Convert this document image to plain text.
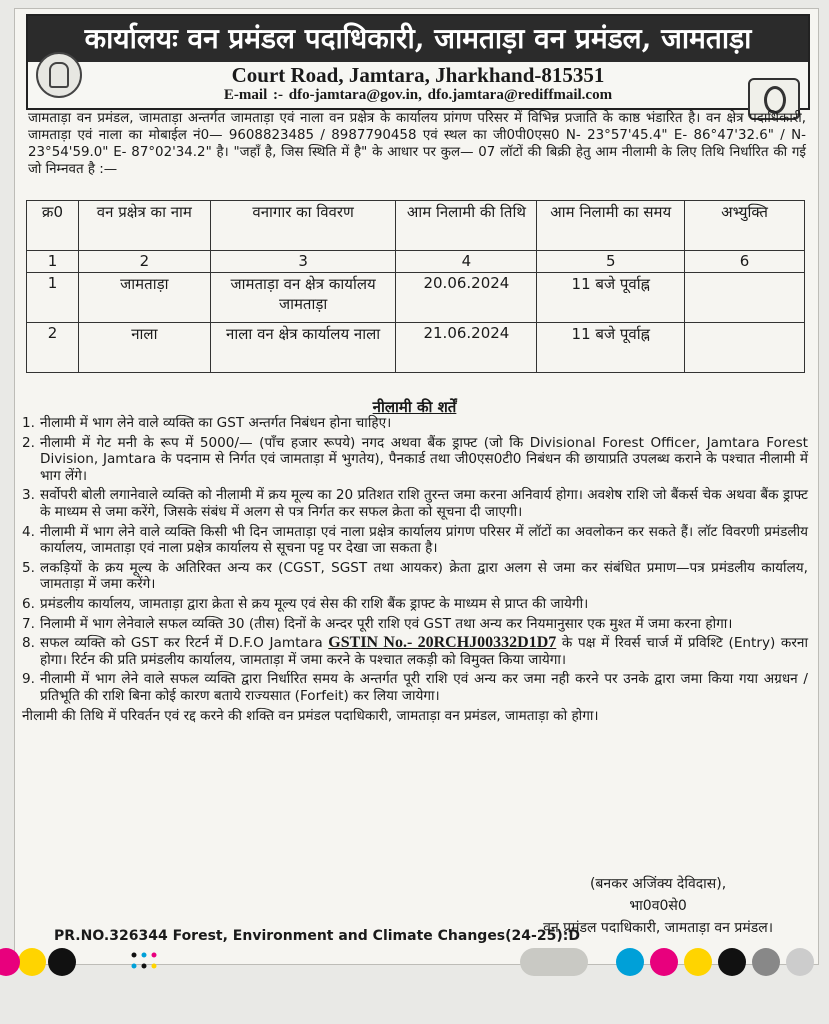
कार्यालयः वन प्रमंडल पदाधिकारी, जामताड़ा वन प्रमंडल, जामताड़ा
Court Road, Jamtara, Jharkhand-815351
E-mail :- dfo-jamtara@gov.in, dfo.jamtara@rediffmail.com
जामताड़ा वन प्रमंडल, जामताड़ा अन्तर्गत जामताड़ा एवं नाला वन प्रक्षेत्र के कार्यालय प्रांगण परिसर में विभिन्न प्रजाति के काष्ठ भंडारित है। वन क्षेत्र पदाधिकारी, जामताड़ा एवं नाला का मोबाईल नं0— 9608823485 / 8987790458 एवं स्थल का जी0पी0एस0 N- 23°57'45.4" E- 86°47'32.6" / N- 23°54'59.0" E- 87°02'34.2" है। "जहाँ है, जिस स्थिति में है" के आधार पर कुल— 07 लॉटों की बिक्री हेतु आम नीलामी के लिए तिथि निर्धारित की गई जो निम्नवत है :—
क्र0	वन प्रक्षेत्र का नाम	वनागार का विवरण	आम निलामी की तिथि	आम निलामी का समय	अभ्युक्ति
1	2	3	4	5	6
1	जामताड़ा	जामताड़ा वन क्षेत्र कार्यालय जामताड़ा	20.06.2024	11 बजे पूर्वाह्न	
2	नाला	नाला वन क्षेत्र कार्यालय नाला	21.06.2024	11 बजे पूर्वाह्न	
नीलामी की शर्तें
1. नीलामी में भाग लेने वाले व्यक्ति का GST अन्तर्गत निबंधन होना चाहिए।
2. नीलामी में गेट मनी के रूप में 5000/— (पाँच हजार रूपये) नगद अथवा बैंक ड्राफ्ट (जो कि Divisional Forest Officer, Jamtara Forest Division, Jamtara के पदनाम से निर्गत एवं जामताड़ा में भुगतेय), पैनकार्ड तथा जी0एस0टी0 निबंधन की छायाप्रति उपलब्ध कराने के पश्चात नीलामी में भाग लेंगे।
3. सर्वोपरी बोली लगानेवाले व्यक्ति को नीलामी में क्रय मूल्य का 20 प्रतिशत राशि तुरन्त जमा करना अनिवार्य होगा। अवशेष राशि जो बैंकर्स चेक अथवा बैंक ड्राफ्ट के माध्यम से जमा करेंगे, जिसके संबंध में अलग से पत्र निर्गत कर सफल क्रेता को सूचना दी जाएगी।
4. नीलामी में भाग लेने वाले व्यक्ति किसी भी दिन जामताड़ा एवं नाला प्रक्षेत्र कार्यालय प्रांगण परिसर में लॉटों का अवलोकन कर सकते हैं। लॉट विवरणी प्रमंडलीय कार्यालय, जामताड़ा एवं नाला प्रक्षेत्र कार्यालय से सूचना पट्ट पर देखा जा सकता है।
5. लकड़ियों के क्रय मूल्य के अतिरिक्त अन्य कर (CGST, SGST तथा आयकर) क्रेता द्वारा अलग से जमा कर संबंधित प्रमाण—पत्र प्रमंडलीय कार्यालय, जामताड़ा में जमा करेंगे।
6. प्रमंडलीय कार्यालय, जामताड़ा द्वारा क्रेता से क्रय मूल्य एवं सेस की राशि बैंक ड्राफ्ट के माध्यम से प्राप्त की जायेगी।
7. निलामी में भाग लेनेवाले सफल व्यक्ति 30 (तीस) दिनों के अन्दर पूरी राशि एवं GST तथा अन्य कर नियमानुसार एक मुश्त में जमा करना होगा।
8. सफल व्यक्ति को GST कर रिटर्न में D.F.O Jamtara GSTIN No.- 20RCHJ00332D1D7 के पक्ष में रिवर्स चार्ज में प्रविश्टि (Entry) करना होगा। रिर्टन की प्रति प्रमंडलीय कार्यालय, जामताड़ा में जमा करने के पश्चात लकड़ी को विमुक्त किया जायेगा।
9. नीलामी में भाग लेने वाले सफल व्यक्ति द्वारा निर्धारित समय के अन्तर्गत पूरी राशि एवं अन्य कर जमा नही करने पर उनके द्वारा जमा किया गया अग्रधन / प्रतिभूति की राशि बिना कोई कारण बताये राज्यसात (Forfeit) कर लिया जायेगा।
नीलामी की तिथि में परिवर्तन एवं रद्द करने की शक्ति वन प्रमंडल पदाधिकारी, जामताड़ा वन प्रमंडल, जामताड़ा को होगा।
(बनकर अजिंक्य देविदास),
भा0व0से0
वन प्रमंडल पदाधिकारी, जामताड़ा वन प्रमंडल।
PR.NO.326344 Forest, Environment and Climate Changes(24-25):D
